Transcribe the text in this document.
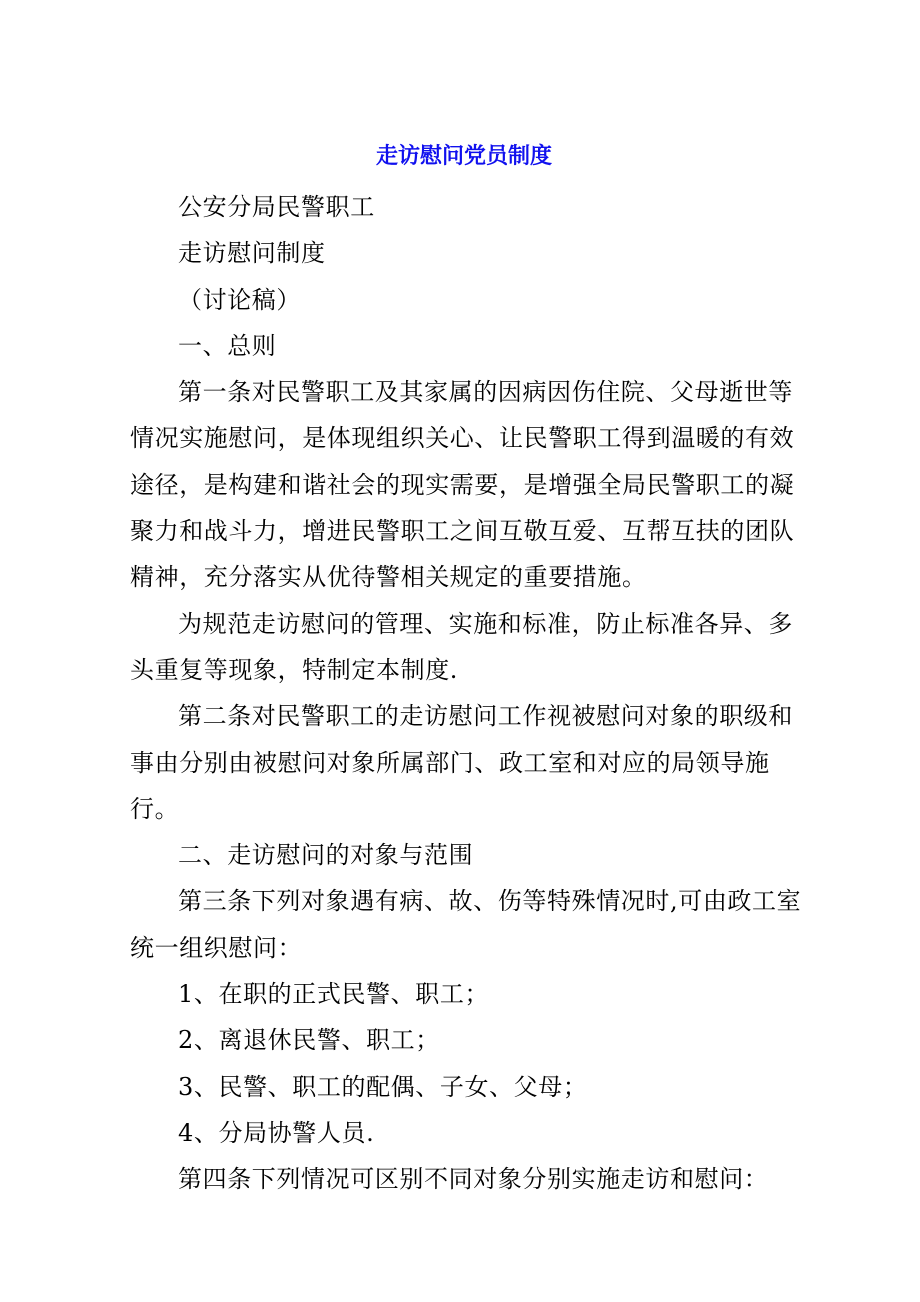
走访慰问党员制度

公安分局民警职工

走访慰问制度

（讨论稿）

一、总则

第一条对民警职工及其家属的因病因伤住院、父母逝世等情况实施慰问，是体现组织关心、让民警职工得到温暖的有效途径，是构建和谐社会的现实需要，是增强全局民警职工的凝聚力和战斗力，增进民警职工之间互敬互爱、互帮互扶的团队精神，充分落实从优待警相关规定的重要措施。

为规范走访慰问的管理、实施和标准，防止标准各异、多头重复等现象，特制定本制度.

第二条对民警职工的走访慰问工作视被慰问对象的职级和事由分别由被慰问对象所属部门、政工室和对应的局领导施行。

二、走访慰问的对象与范围

第三条下列对象遇有病、故、伤等特殊情况时,可由政工室统一组织慰问：

1、在职的正式民警、职工；

2、离退休民警、职工；

3、民警、职工的配偶、子女、父母；

4、分局协警人员.

第四条下列情况可区别不同对象分别实施走访和慰问：
